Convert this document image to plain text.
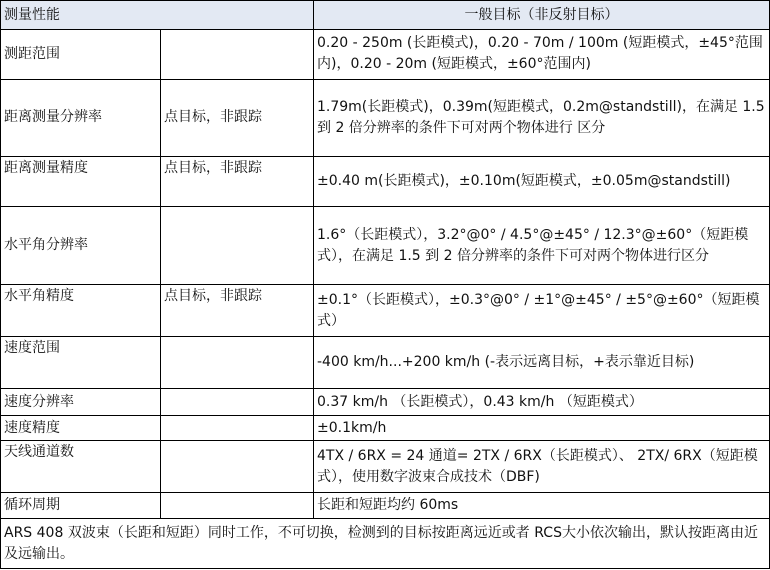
测量性能		一般目标（非反射目标）
测距范围		0.20 - 250m (长距模式)，0.20 - 70m / 100m (短距模式，±45°范围内)，0.20 - 20m (短距模式，±60°范围内)
距离测量分辨率	点目标，非跟踪	1.79m(长距模式)，0.39m(短距模式，0.2m@standstill)，在满足 1.5 到 2 倍分辨率的条件下可对两个物体进行 区分
距离测量精度	点目标，非跟踪	±0.40 m(长距模式)，±0.10m(短距模式，±0.05m@standstill)
水平角分辨率		1.6°（长距模式），3.2°@0° / 4.5°@±45° / 12.3°@±60°（短距模式），在满足 1.5 到 2 倍分辨率的条件下可对两个物体进行区分
水平角精度	点目标，非跟踪	±0.1°（长距模式），±0.3°@0° / ±1°@±45° / ±5°@±60°（短距模式）
速度范围		-400 km/h...+200 km/h (-表示远离目标，+表示靠近目标)
速度分辨率		0.37 km/h （长距模式），0.43 km/h （短距模式）
速度精度		±0.1km/h
天线通道数		4TX / 6RX = 24 通道= 2TX / 6RX（长距模式）、 2TX/ 6RX（短距模式），使用数字波束合成技术（DBF)
循环周期		长距和短距均约 60ms
ARS 408 双波束（长距和短距）同时工作，不可切换，检测到的目标按距离远近或者 RCS大小依次输出，默认按距离由近及远输出。		
